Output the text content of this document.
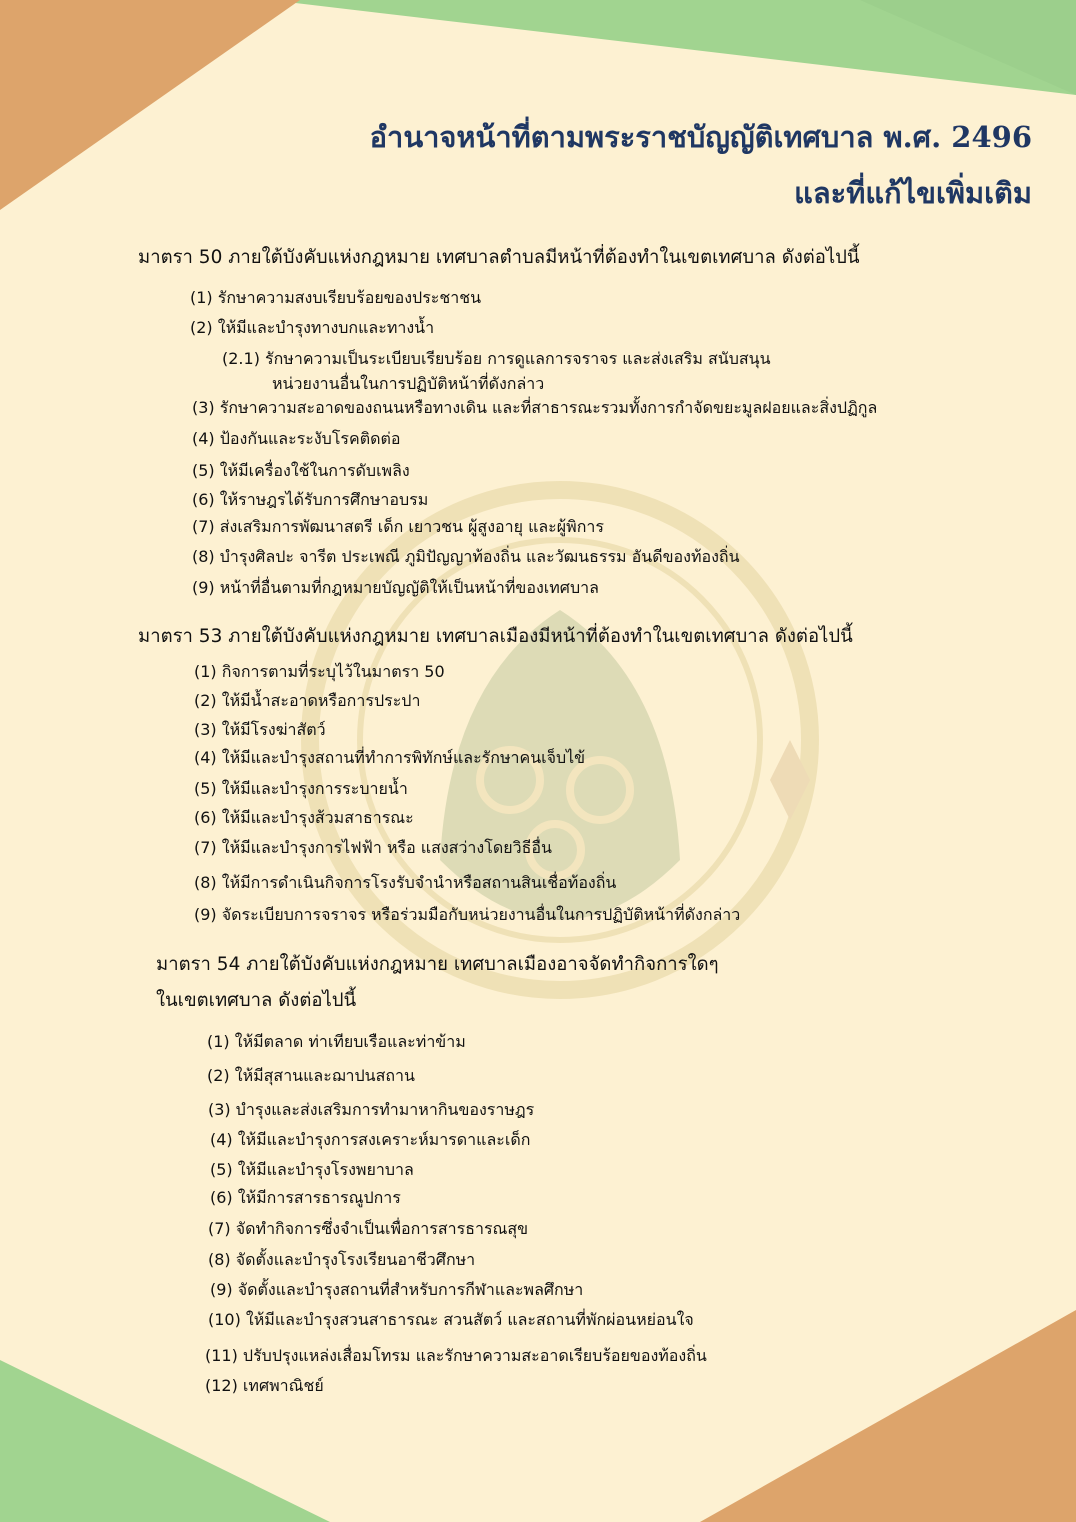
อำนาจหน้าที่ตามพระราชบัญญัติเทศบาล พ.ศ. 2496
และที่แก้ไขเพิ่มเติม
มาตรา 50 ภายใต้บังคับแห่งกฎหมาย เทศบาลตำบลมีหน้าที่ต้องทำในเขตเทศบาล ดังต่อไปนี้
(1) รักษาความสงบเรียบร้อยของประชาชน
(2) ให้มีและบำรุงทางบกและทางน้ำ
(2.1) รักษาความเป็นระเบียบเรียบร้อย การดูแลการจราจร และส่งเสริม สนับสนุน
หน่วยงานอื่นในการปฏิบัติหน้าที่ดังกล่าว
(3) รักษาความสะอาดของถนนหรือทางเดิน และที่สาธารณะรวมทั้งการกำจัดขยะมูลฝอยและสิ่งปฏิกูล
(4) ป้องกันและระงับโรคติดต่อ
(5) ให้มีเครื่องใช้ในการดับเพลิง
(6) ให้ราษฎรได้รับการศึกษาอบรม
(7) ส่งเสริมการพัฒนาสตรี เด็ก เยาวชน ผู้สูงอายุ และผู้พิการ
(8) บำรุงศิลปะ จารีต ประเพณี ภูมิปัญญาท้องถิ่น และวัฒนธรรม อันดีของท้องถิ่น
(9) หน้าที่อื่นตามที่กฎหมายบัญญัติให้เป็นหน้าที่ของเทศบาล
มาตรา 53 ภายใต้บังคับแห่งกฎหมาย เทศบาลเมืองมีหน้าที่ต้องทำในเขตเทศบาล ดังต่อไปนี้
(1) กิจการตามที่ระบุไว้ในมาตรา 50
(2) ให้มีน้ำสะอาดหรือการประปา
(3) ให้มีโรงฆ่าสัตว์
(4) ให้มีและบำรุงสถานที่ทำการพิทักษ์และรักษาคนเจ็บไข้
(5) ให้มีและบำรุงการระบายน้ำ
(6) ให้มีและบำรุงส้วมสาธารณะ
(7) ให้มีและบำรุงการไฟฟ้า หรือ แสงสว่างโดยวิธีอื่น
(8) ให้มีการดำเนินกิจการโรงรับจำนำหรือสถานสินเชื่อท้องถิ่น
(9) จัดระเบียบการจราจร หรือร่วมมือกับหน่วยงานอื่นในการปฏิบัติหน้าที่ดังกล่าว
มาตรา 54 ภายใต้บังคับแห่งกฎหมาย เทศบาลเมืองอาจจัดทำกิจการใดๆ
ในเขตเทศบาล ดังต่อไปนี้
(1) ให้มีตลาด ท่าเทียบเรือและท่าข้าม
(2) ให้มีสุสานและฌาปนสถาน
(3) บำรุงและส่งเสริมการทำมาหากินของราษฎร
(4) ให้มีและบำรุงการสงเคราะห์มารดาและเด็ก
(5) ให้มีและบำรุงโรงพยาบาล
(6) ให้มีการสารธารณูปการ
(7) จัดทำกิจการซึ่งจำเป็นเพื่อการสารธารณสุข
(8) จัดตั้งและบำรุงโรงเรียนอาชีวศึกษา
(9) จัดตั้งและบำรุงสถานที่สำหรับการกีฬาและพลศึกษา
(10) ให้มีและบำรุงสวนสาธารณะ สวนสัตว์ และสถานที่พักผ่อนหย่อนใจ
(11) ปรับปรุงแหล่งเสื่อมโทรม และรักษาความสะอาดเรียบร้อยของท้องถิ่น
(12) เทศพาณิชย์
